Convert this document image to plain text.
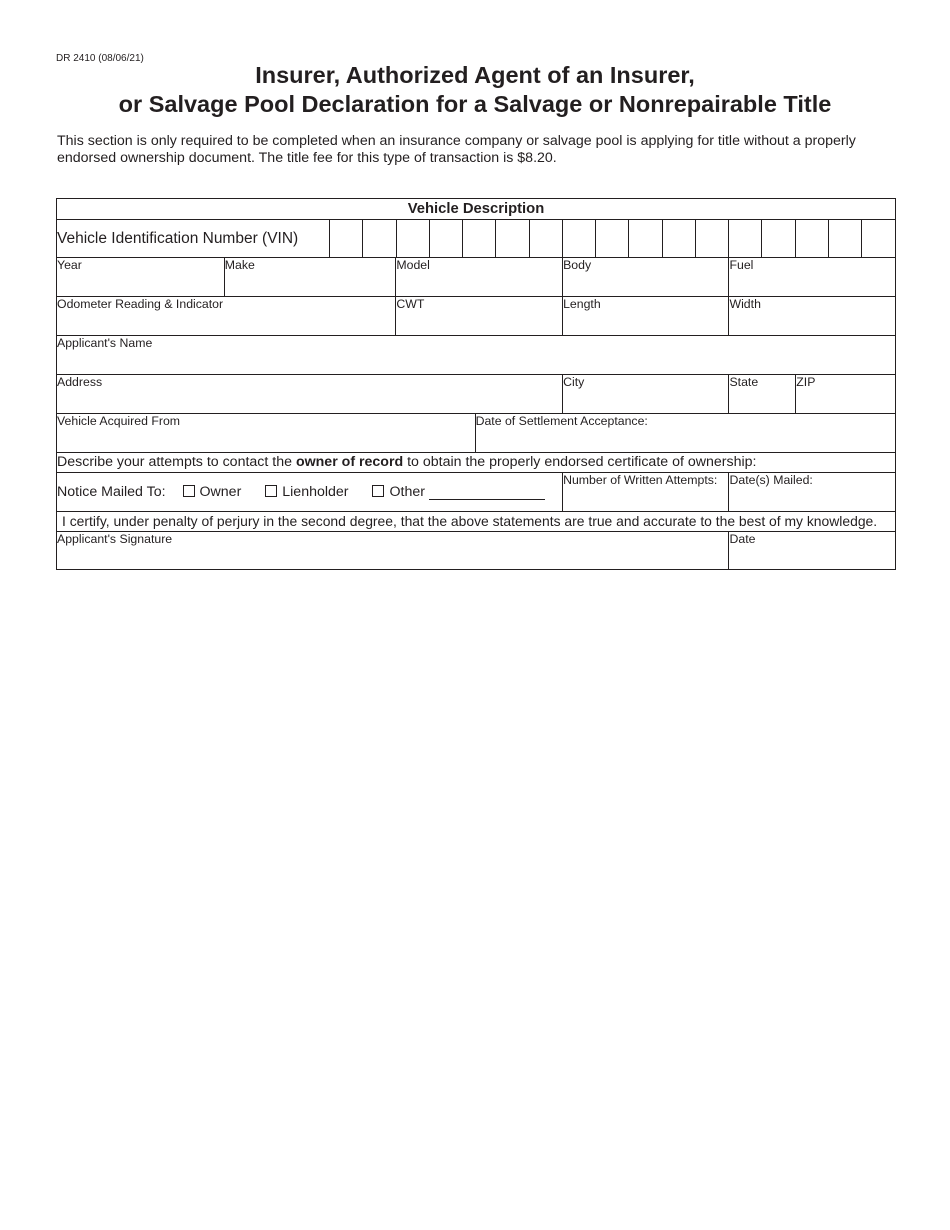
DR 2410 (08/06/21)
Insurer, Authorized Agent of an Insurer,
or Salvage Pool Declaration for a Salvage or Nonrepairable Title

This section is only required to be completed when an insurance company or salvage pool is applying for title without a properly endorsed ownership document. The title fee for this type of transaction is $8.20.

Vehicle Description

Vehicle Identification Number (VIN)																	

Year	Make	Model	Body	Fuel
Odometer Reading & Indicator	CWT	Length	Width
Applicant's Name
Address	City	State	ZIP
Vehicle Acquired From	Date of Settlement Acceptance:
Describe your attempts to contact the owner of record to obtain the properly endorsed certificate of ownership:
Notice Mailed To: Owner	Lienholder	Other	Number of Written Attempts:	Date(s) Mailed:
I certify, under penalty of perjury in the second degree, that the above statements are true and accurate to the best of my knowledge.
Applicant's Signature	Date
